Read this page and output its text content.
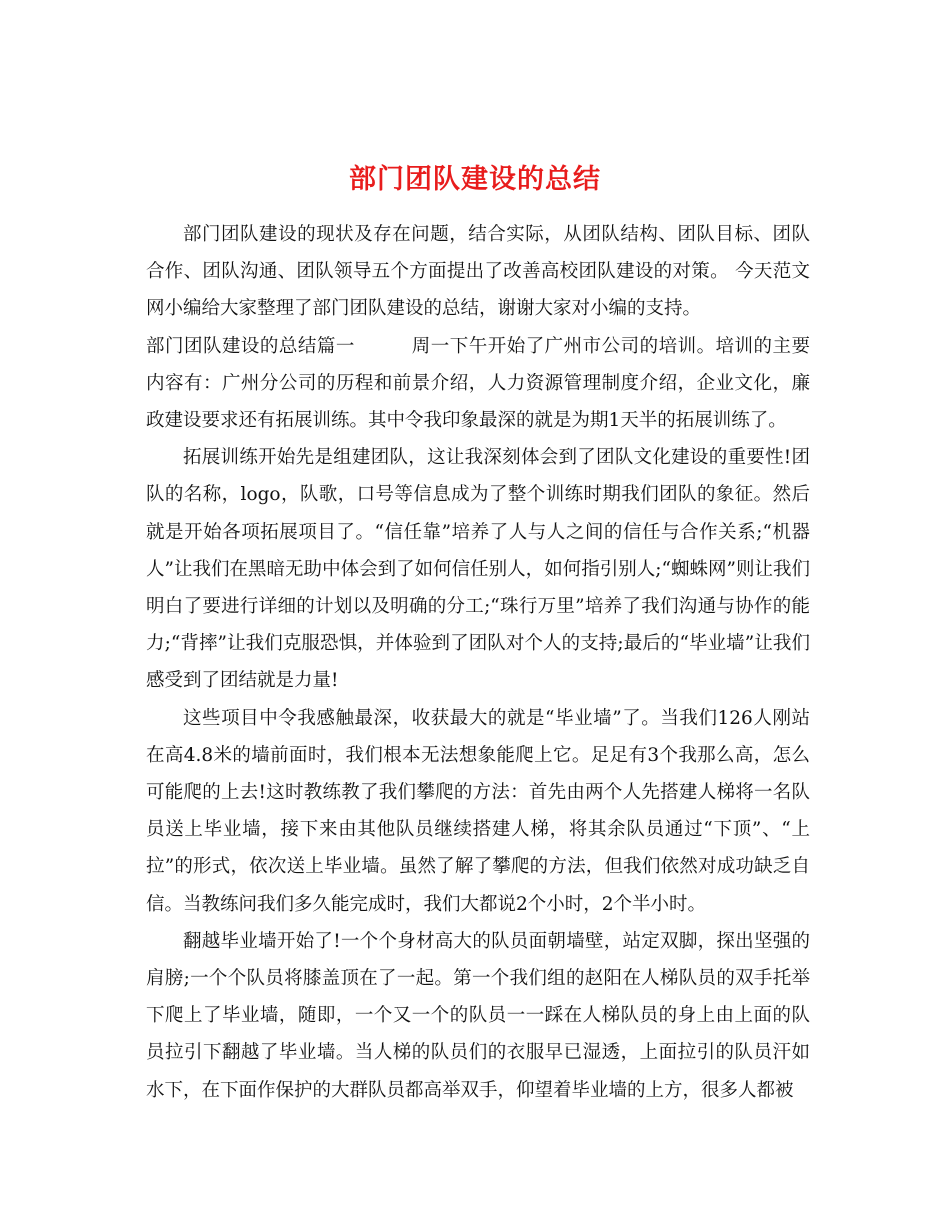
部门团队建设的总结

部门团队建设的现状及存在问题，结合实际，从团队结构、团队目标、团队合作、团队沟通、团队领导五个方面提出了改善高校团队建设的对策。 今天范文网小编给大家整理了部门团队建设的总结，谢谢大家对小编的支持。

部门团队建设的总结篇一　　　周一下午开始了广州市公司的培训。培训的主要内容有：广州分公司的历程和前景介绍，人力资源管理制度介绍，企业文化，廉政建设要求还有拓展训练。其中令我印象最深的就是为期1天半的拓展训练了。

拓展训练开始先是组建团队，这让我深刻体会到了团队文化建设的重要性!团队的名称，logo，队歌，口号等信息成为了整个训练时期我们团队的象征。然后就是开始各项拓展项目了。“信任靠”培养了人与人之间的信任与合作关系;“机器人”让我们在黑暗无助中体会到了如何信任别人，如何指引别人;“蜘蛛网”则让我们明白了要进行详细的计划以及明确的分工;“珠行万里”培养了我们沟通与协作的能力;“背摔”让我们克服恐惧，并体验到了团队对个人的支持;最后的“毕业墙”让我们感受到了团结就是力量!

这些项目中令我感触最深，收获最大的就是“毕业墙”了。当我们126人刚站在高4.8米的墙前面时，我们根本无法想象能爬上它。足足有3个我那么高，怎么可能爬的上去!这时教练教了我们攀爬的方法：首先由两个人先搭建人梯将一名队员送上毕业墙，接下来由其他队员继续搭建人梯，将其余队员通过“下顶”、“上拉”的形式，依次送上毕业墙。虽然了解了攀爬的方法，但我们依然对成功缺乏自信。当教练问我们多久能完成时，我们大都说2个小时，2个半小时。

翻越毕业墙开始了!一个个身材高大的队员面朝墙壁，站定双脚，探出坚强的肩膀;一个个队员将膝盖顶在了一起。第一个我们组的赵阳在人梯队员的双手托举下爬上了毕业墙，随即，一个又一个的队员一一踩在人梯队员的身上由上面的队员拉引下翻越了毕业墙。当人梯的队员们的衣服早已湿透，上面拉引的队员汗如水下，在下面作保护的大群队员都高举双手，仰望着毕业墙的上方，很多人都被
